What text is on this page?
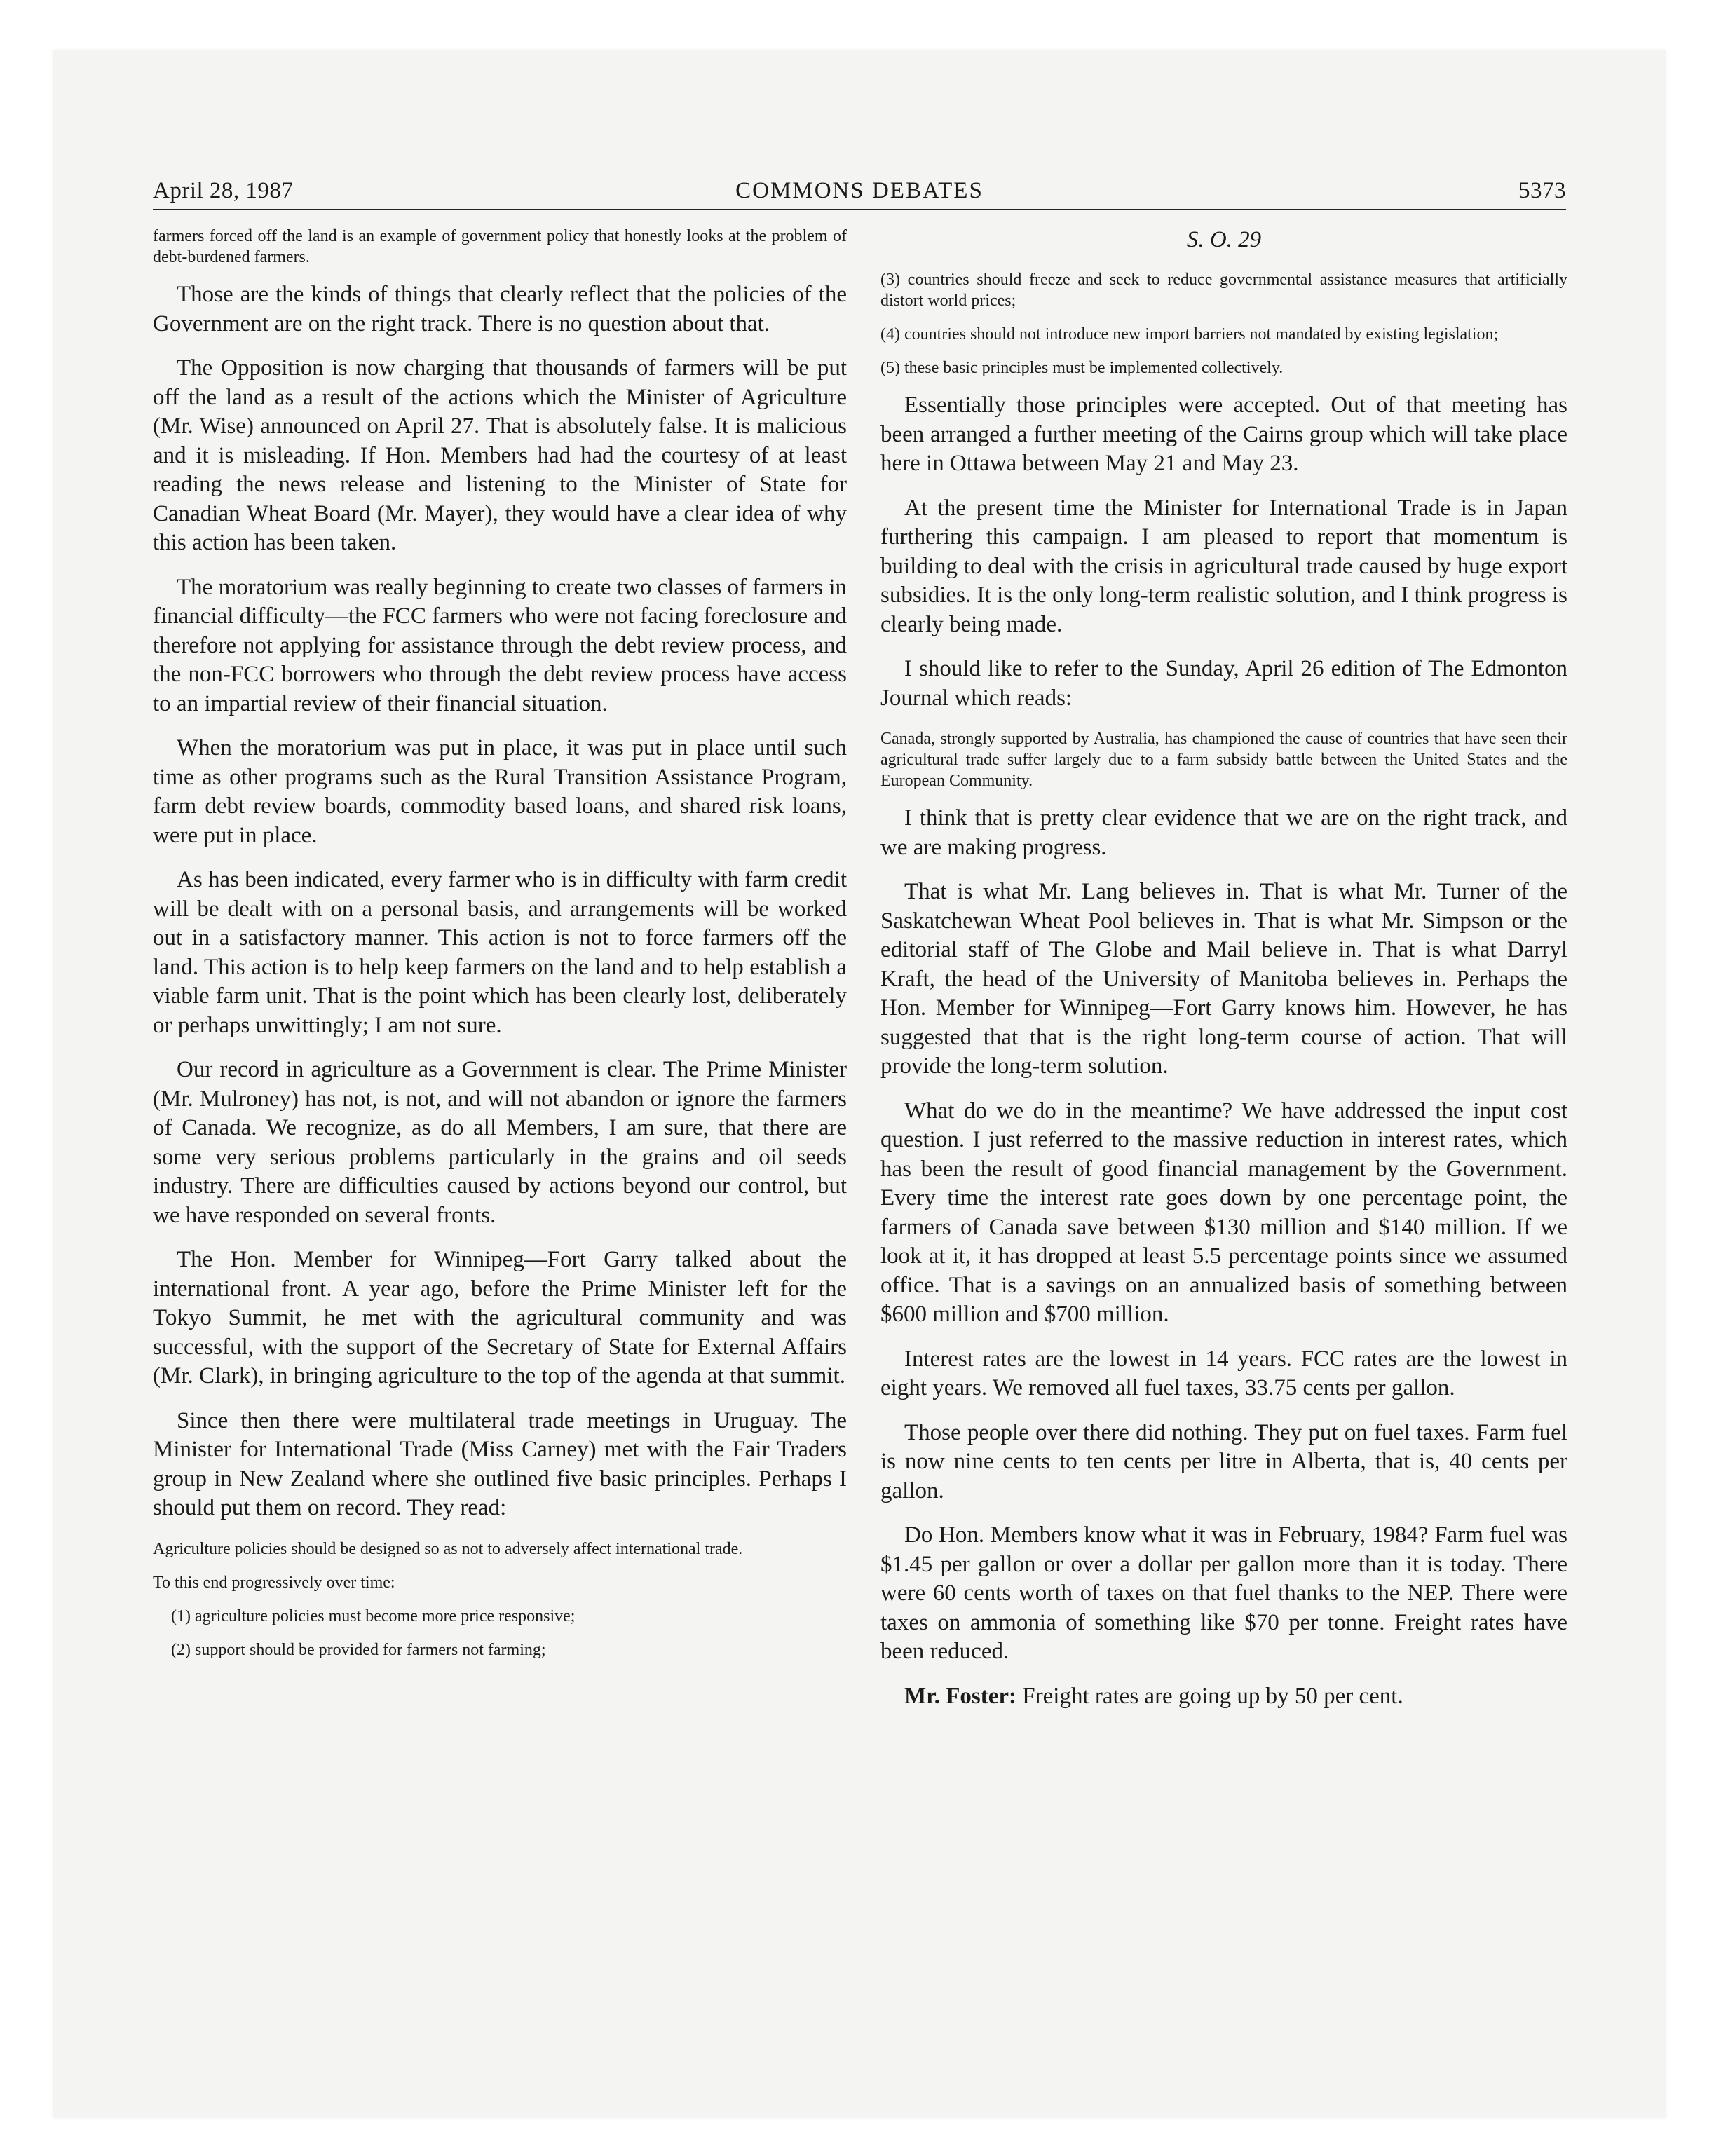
April 28, 1987	COMMONS DEBATES	5373

farmers forced off the land is an example of government policy that honestly looks at the problem of debt-burdened farmers.

Those are the kinds of things that clearly reflect that the policies of the Government are on the right track. There is no question about that.

The Opposition is now charging that thousands of farmers will be put off the land as a result of the actions which the Minister of Agriculture (Mr. Wise) announced on April 27. That is absolutely false. It is malicious and it is misleading. If Hon. Members had had the courtesy of at least reading the news release and listening to the Minister of State for Canadian Wheat Board (Mr. Mayer), they would have a clear idea of why this action has been taken.

The moratorium was really beginning to create two classes of farmers in financial difficulty—the FCC farmers who were not facing foreclosure and therefore not applying for assistance through the debt review process, and the non-FCC borrowers who through the debt review process have access to an impartial review of their financial situation.

When the moratorium was put in place, it was put in place until such time as other programs such as the Rural Transition Assistance Program, farm debt review boards, commodity based loans, and shared risk loans, were put in place.

As has been indicated, every farmer who is in difficulty with farm credit will be dealt with on a personal basis, and arrangements will be worked out in a satisfactory manner. This action is not to force farmers off the land. This action is to help keep farmers on the land and to help establish a viable farm unit. That is the point which has been clearly lost, deliberately or perhaps unwittingly; I am not sure.

Our record in agriculture as a Government is clear. The Prime Minister (Mr. Mulroney) has not, is not, and will not abandon or ignore the farmers of Canada. We recognize, as do all Members, I am sure, that there are some very serious problems particularly in the grains and oil seeds industry. There are difficulties caused by actions beyond our control, but we have responded on several fronts.

The Hon. Member for Winnipeg—Fort Garry talked about the international front. A year ago, before the Prime Minister left for the Tokyo Summit, he met with the agricultural community and was successful, with the support of the Secretary of State for External Affairs (Mr. Clark), in bringing agriculture to the top of the agenda at that summit.

Since then there were multilateral trade meetings in Uruguay. The Minister for International Trade (Miss Carney) met with the Fair Traders group in New Zealand where she outlined five basic principles. Perhaps I should put them on record. They read:

Agriculture policies should be designed so as not to adversely affect international trade.

To this end progressively over time:

(1) agriculture policies must become more price responsive;

(2) support should be provided for farmers not farming;

S. O. 29

(3) countries should freeze and seek to reduce governmental assistance measures that artificially distort world prices;

(4) countries should not introduce new import barriers not mandated by existing legislation;

(5) these basic principles must be implemented collectively.

Essentially those principles were accepted. Out of that meeting has been arranged a further meeting of the Cairns group which will take place here in Ottawa between May 21 and May 23.

At the present time the Minister for International Trade is in Japan furthering this campaign. I am pleased to report that momentum is building to deal with the crisis in agricultural trade caused by huge export subsidies. It is the only long-term realistic solution, and I think progress is clearly being made.

I should like to refer to the Sunday, April 26 edition of The Edmonton Journal which reads:

Canada, strongly supported by Australia, has championed the cause of countries that have seen their agricultural trade suffer largely due to a farm subsidy battle between the United States and the European Community.

I think that is pretty clear evidence that we are on the right track, and we are making progress.

That is what Mr. Lang believes in. That is what Mr. Turner of the Saskatchewan Wheat Pool believes in. That is what Mr. Simpson or the editorial staff of The Globe and Mail believe in. That is what Darryl Kraft, the head of the University of Manitoba believes in. Perhaps the Hon. Member for Winnipeg—Fort Garry knows him. However, he has suggested that that is the right long-term course of action. That will provide the long-term solution.

What do we do in the meantime? We have addressed the input cost question. I just referred to the massive reduction in interest rates, which has been the result of good financial management by the Government. Every time the interest rate goes down by one percentage point, the farmers of Canada save between $130 million and $140 million. If we look at it, it has dropped at least 5.5 percentage points since we assumed office. That is a savings on an annualized basis of something between $600 million and $700 million.

Interest rates are the lowest in 14 years. FCC rates are the lowest in eight years. We removed all fuel taxes, 33.75 cents per gallon.

Those people over there did nothing. They put on fuel taxes. Farm fuel is now nine cents to ten cents per litre in Alberta, that is, 40 cents per gallon.

Do Hon. Members know what it was in February, 1984? Farm fuel was $1.45 per gallon or over a dollar per gallon more than it is today. There were 60 cents worth of taxes on that fuel thanks to the NEP. There were taxes on ammonia of something like $70 per tonne. Freight rates have been reduced.

Mr. Foster: Freight rates are going up by 50 per cent.
